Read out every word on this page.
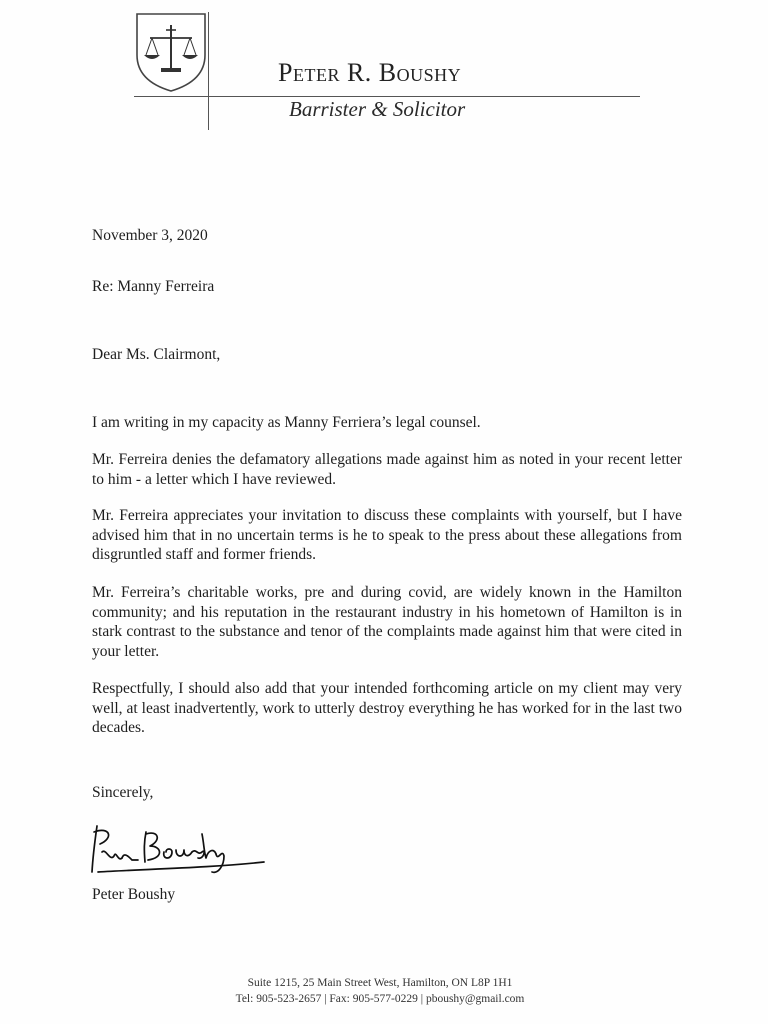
Peter R. Boushy
Barrister & Solicitor
November 3, 2020
Re: Manny Ferreira
Dear Ms. Clairmont,
I am writing in my capacity as Manny Ferriera’s legal counsel.
Mr. Ferreira denies the defamatory allegations made against him as noted in your recent letter to him - a letter which I have reviewed.
Mr. Ferreira appreciates your invitation to discuss these complaints with yourself, but I have advised him that in no uncertain terms is he to speak to the press about these allegations from disgruntled staff and former friends.
Mr. Ferreira’s charitable works, pre and during covid, are widely known in the Hamilton community; and his reputation in the restaurant industry in his hometown of Hamilton is in stark contrast to the substance and tenor of the complaints made against him that were cited in your letter.
Respectfully, I should also add that your intended forthcoming article on my client may very well, at least inadvertently, work to utterly destroy everything he has worked for in the last two decades.
Sincerely,
Peter Boushy
Suite 1215, 25 Main Street West, Hamilton, ON L8P 1H1
Tel: 905-523-2657 | Fax: 905-577-0229 | pboushy@gmail.com
